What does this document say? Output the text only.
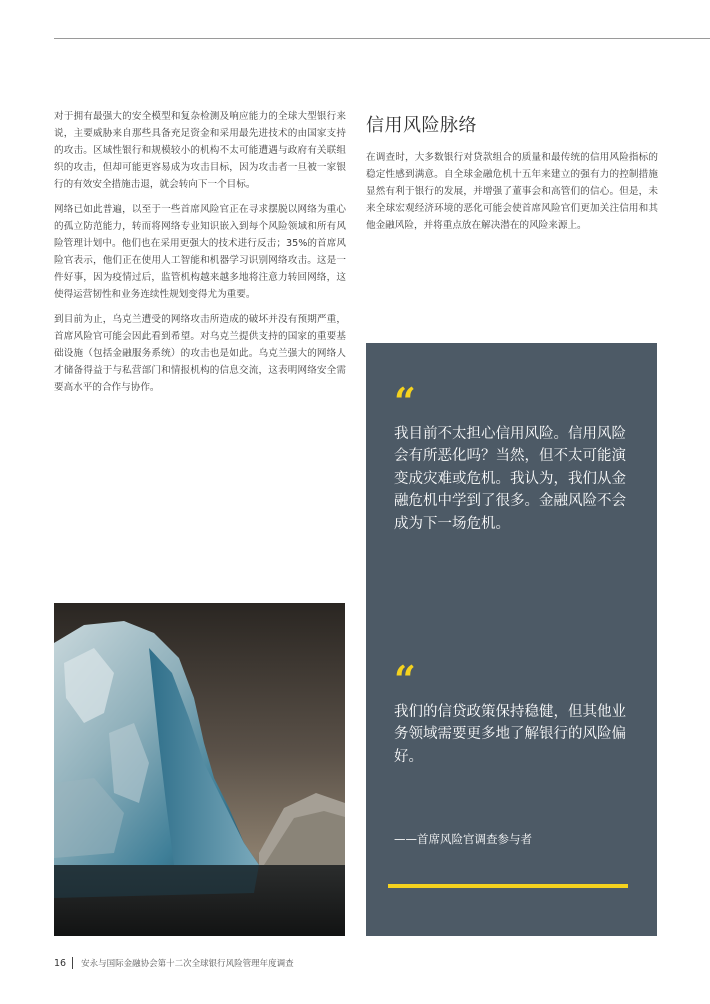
对于拥有最强大的安全模型和复杂检测及响应能力的全球大型银行来说，主要威胁来自那些具备充足资金和采用最先进技术的由国家支持的攻击。区域性银行和规模较小的机构不太可能遭遇与政府有关联组织的攻击，但却可能更容易成为攻击目标，因为攻击者一旦被一家银行的有效安全措施击退，就会转向下一个目标。

网络已如此普遍，以至于一些首席风险官正在寻求摆脱以网络为重心的孤立防范能力，转而将网络专业知识嵌入到每个风险领域和所有风险管理计划中。他们也在采用更强大的技术进行反击；35%的首席风险官表示，他们正在使用人工智能和机器学习识别网络攻击。这是一件好事，因为疫情过后，监管机构越来越多地将注意力转回网络，这使得运营韧性和业务连续性规划变得尤为重要。

到目前为止，乌克兰遭受的网络攻击所造成的破坏并没有预期严重，首席风险官可能会因此看到希望。对乌克兰提供支持的国家的重要基础设施（包括金融服务系统）的攻击也是如此。乌克兰强大的网络人才储备得益于与私营部门和情报机构的信息交流，这表明网络安全需要高水平的合作与协作。

信用风险脉络

在调查时，大多数银行对贷款组合的质量和最传统的信用风险指标的稳定性感到满意。自全球金融危机十五年来建立的强有力的控制措施显然有利于银行的发展，并增强了董事会和高管们的信心。但是，未来全球宏观经济环境的恶化可能会使首席风险官们更加关注信用和其他金融风险，并将重点放在解决潜在的风险来源上。

“
我目前不太担心信用风险。信用风险会有所恶化吗？当然，但不太可能演变成灾难或危机。我认为，我们从金融危机中学到了很多。金融风险不会成为下一场危机。
“
我们的信贷政策保持稳健，但其他业务领域需要更多地了解银行的风险偏好。
——首席风险官调查参与者
16 安永与国际金融协会第十二次全球银行风险管理年度调查
